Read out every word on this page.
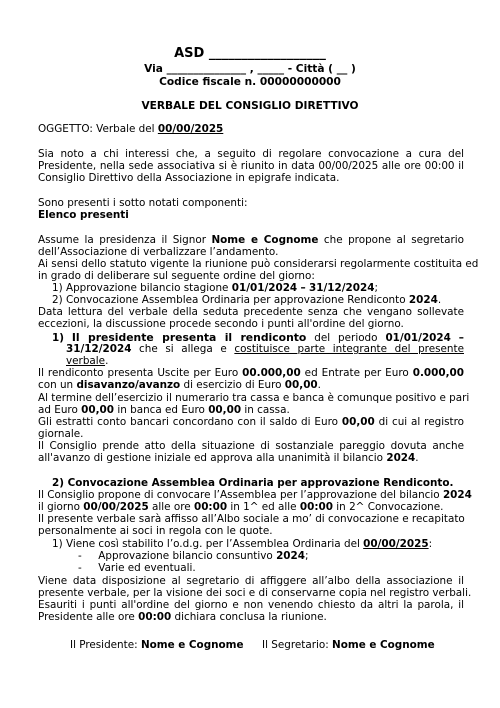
ASD __________________
Via _______________ , _____ - Città ( __ )
Codice fiscale n. 00000000000
VERBALE DEL CONSIGLIO DIRETTIVO
OGGETTO: Verbale del 00/00/2025
Sia noto a chi interessi che, a seguito di regolare convocazione a cura del
Presidente, nella sede associativa si è riunito in data 00/00/2025 alle ore 00:00 il
Consiglio Direttivo della Associazione in epigrafe indicata.
Sono presenti i sotto notati componenti:
Elenco presenti
Assume la presidenza il Signor Nome e Cognome che propone al segretario
dell’Associazione di verbalizzare l’andamento.
Ai sensi dello statuto vigente la riunione può considerarsi regolarmente costituita ed
in grado di deliberare sul seguente ordine del giorno:
1) Approvazione bilancio stagione 01/01/2024 – 31/12/2024;
2) Convocazione Assemblea Ordinaria per approvazione Rendiconto 2024.
Data lettura del verbale della seduta precedente senza che vengano sollevate
eccezioni, la discussione procede secondo i punti all'ordine del giorno.
1) Il presidente presenta il rendiconto del periodo 01/01/2024 –
31/12/2024 che si allega e costituisce parte integrante del presente
verbale.
Il rendiconto presenta Uscite per Euro 00.000,00 ed Entrate per Euro 0.000,00
con un disavanzo/avanzo di esercizio di Euro 00,00.
Al termine dell’esercizio il numerario tra cassa e banca è comunque positivo e pari
ad Euro 00,00 in banca ed Euro 00,00 in cassa.
Gli estratti conto bancari concordano con il saldo di Euro 00,00 di cui al registro
giornale.
Il Consiglio prende atto della situazione di sostanziale pareggio dovuta anche
all'avanzo di gestione iniziale ed approva alla unanimità il bilancio 2024.
2) Convocazione Assemblea Ordinaria per approvazione Rendiconto.
Il Consiglio propone di convocare l’Assemblea per l’approvazione del bilancio 2024
il giorno 00/00/2025 alle ore 00:00 in 1^ ed alle 00:00 in 2^ Convocazione.
Il presente verbale sarà affisso all’Albo sociale a mo’ di convocazione e recapitato
personalmente ai soci in regola con le quote.
1) Viene così stabilito l’o.d.g. per l’Assemblea Ordinaria del 00/00/2025:
- Approvazione bilancio consuntivo 2024;
- Varie ed eventuali.
Viene data disposizione al segretario di affiggere all’albo della associazione il
presente verbale, per la visione dei soci e di conservarne copia nel registro verbali.
Esauriti i punti all'ordine del giorno e non venendo chiesto da altri la parola, il
Presidente alle ore 00:00 dichiara conclusa la riunione.
Il Presidente: Nome e Cognome	Il Segretario: Nome e Cognome
